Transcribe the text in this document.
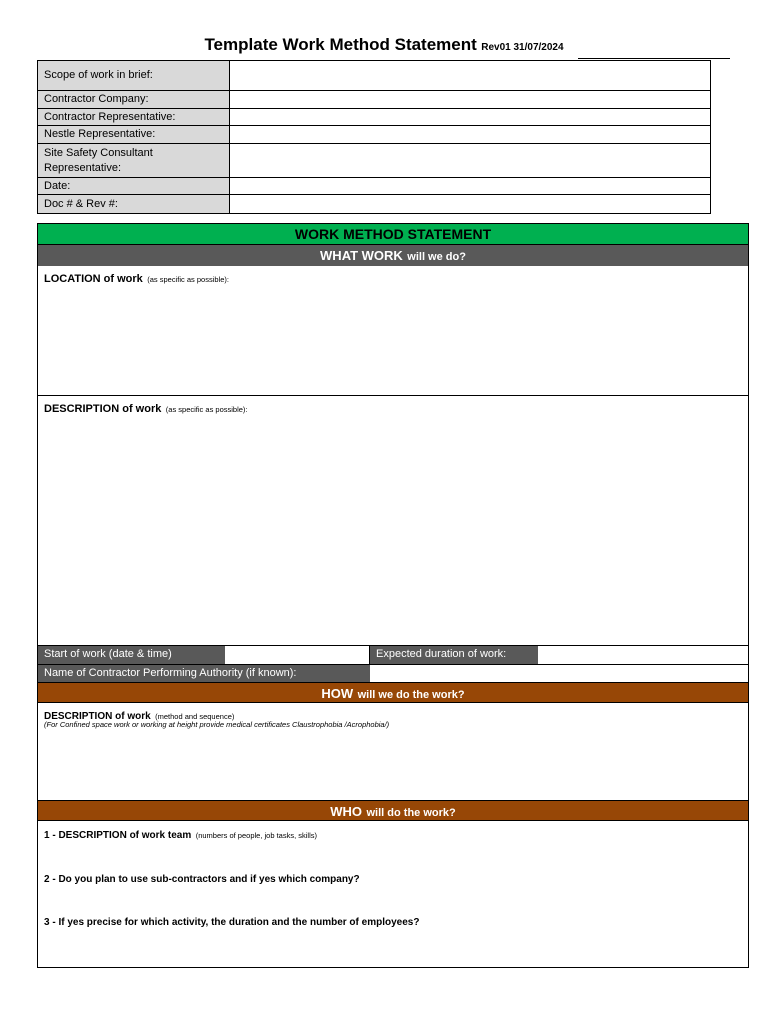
Template Work Method Statement Rev01 31/07/2024
Scope of work in brief:
Contractor Company:
Contractor Representative:
Nestle Representative:
Site Safety Consultant Representative:
Date:
Doc # & Rev #:
WORK METHOD STATEMENT
WHAT WORK will we do?
LOCATION of work (as specific as possible):
DESCRIPTION of work (as specific as possible):
Start of work (date & time)	Expected duration of work:
Name of Contractor Performing Authority (if known):
HOW will we do the work?
DESCRIPTION of work (method and sequence)
(For Confined space work or working at height provide medical certificates Claustrophobia /Acrophobia/)
WHO will do the work?
1 - DESCRIPTION of work team (numbers of people, job tasks, skills)
2 - Do you plan to use sub-contractors and if yes which company?
3 - If yes precise for which activity, the duration and the number of employees?
